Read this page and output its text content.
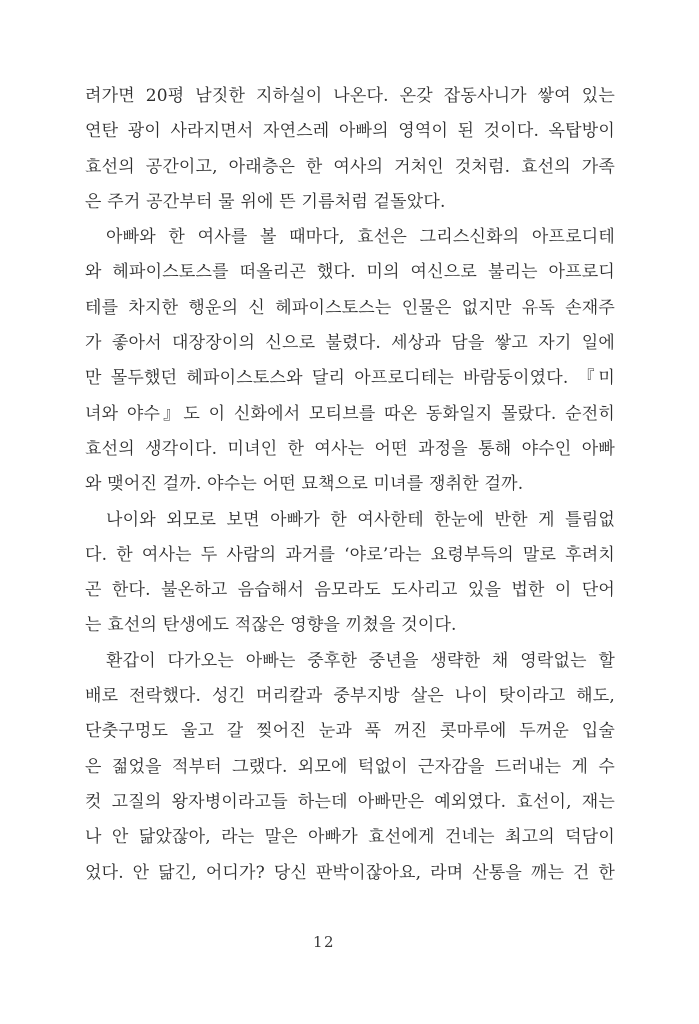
려가면 20평 남짓한 지하실이 나온다. 온갖 잡동사니가 쌓여 있는
연탄 광이 사라지면서 자연스레 아빠의 영역이 된 것이다. 옥탑방이
효선의 공간이고, 아래층은 한 여사의 거처인 것처럼. 효선의 가족
은 주거 공간부터 물 위에 뜬 기름처럼 겉돌았다.
아빠와 한 여사를 볼 때마다, 효선은 그리스신화의 아프로디테
와 헤파이스토스를 떠올리곤 했다. 미의 여신으로 불리는 아프로디
테를 차지한 행운의 신 헤파이스토스는 인물은 없지만 유독 손재주
가 좋아서 대장장이의 신으로 불렸다. 세상과 담을 쌓고 자기 일에
만 몰두했던 헤파이스토스와 달리 아프로디테는 바람둥이였다. 『미
녀와 야수』도 이 신화에서 모티브를 따온 동화일지 몰랐다. 순전히
효선의 생각이다. 미녀인 한 여사는 어떤 과정을 통해 야수인 아빠
와 맺어진 걸까. 야수는 어떤 묘책으로 미녀를 쟁취한 걸까.
나이와 외모로 보면 아빠가 한 여사한테 한눈에 반한 게 틀림없
다. 한 여사는 두 사람의 과거를 ‘야로’라는 요령부득의 말로 후려치
곤 한다. 불온하고 음습해서 음모라도 도사리고 있을 법한 이 단어
는 효선의 탄생에도 적잖은 영향을 끼쳤을 것이다.
환갑이 다가오는 아빠는 중후한 중년을 생략한 채 영락없는 할
배로 전락했다. 성긴 머리칼과 중부지방 살은 나이 탓이라고 해도,
단춧구멍도 울고 갈 찢어진 눈과 푹 꺼진 콧마루에 두꺼운 입술
은 젊었을 적부터 그랬다. 외모에 턱없이 근자감을 드러내는 게 수
컷 고질의 왕자병이라고들 하는데 아빠만은 예외였다. 효선이, 재는
나 안 닮았잖아, 라는 말은 아빠가 효선에게 건네는 최고의 덕담이
었다. 안 닮긴, 어디가? 당신 판박이잖아요, 라며 산통을 깨는 건 한
12
